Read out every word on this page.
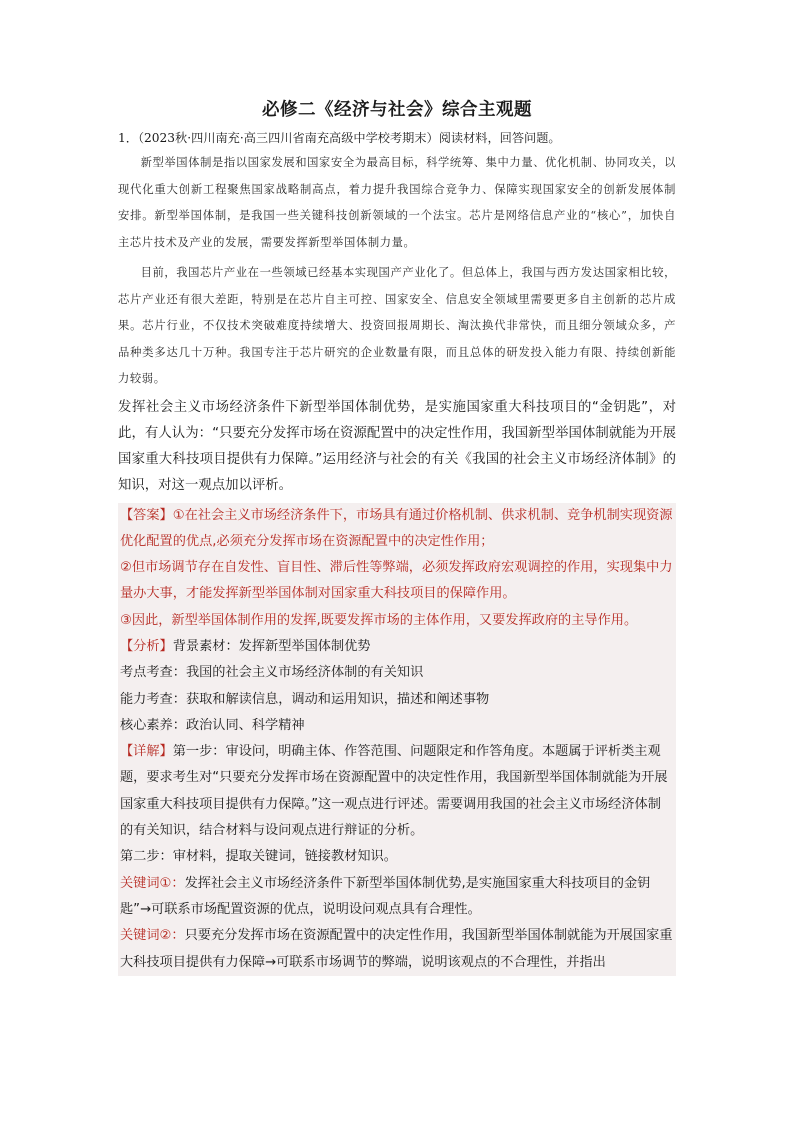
必修二《经济与社会》综合主观题

1．（2023秋·四川南充·高三四川省南充高级中学校考期末）阅读材料，回答问题。

新型举国体制是指以国家发展和国家安全为最高目标，科学统筹、集中力量、优化机制、协同攻关，以现代化重大创新工程聚焦国家战略制高点，着力提升我国综合竞争力、保障实现国家安全的创新发展体制安排。新型举国体制，是我国一些关键科技创新领域的一个法宝。芯片是网络信息产业的“核心”，加快自主芯片技术及产业的发展，需要发挥新型举国体制力量。

目前，我国芯片产业在一些领域已经基本实现国产产业化了。但总体上，我国与西方发达国家相比较，芯片产业还有很大差距，特别是在芯片自主可控、国家安全、信息安全领域里需要更多自主创新的芯片成果。芯片行业，不仅技术突破难度持续增大、投资回报周期长、淘汰换代非常快，而且细分领域众多，产品种类多达几十万种。我国专注于芯片研究的企业数量有限，而且总体的研发投入能力有限、持续创新能力较弱。

发挥社会主义市场经济条件下新型举国体制优势，是实施国家重大科技项目的“金钥匙”，对此，有人认为：“只要充分发挥市场在资源配置中的决定性作用，我国新型举国体制就能为开展国家重大科技项目提供有力保障。”运用经济与社会的有关《我国的社会主义市场经济体制》的知识，对这一观点加以评析。

【答案】①在社会主义市场经济条件下，市场具有通过价格机制、供求机制、竞争机制实现资源优化配置的优点,必须充分发挥市场在资源配置中的决定性作用；
②但市场调节存在自发性、盲目性、滞后性等弊端，必须发挥政府宏观调控的作用，实现集中力量办大事，才能发挥新型举国体制对国家重大科技项目的保障作用。
③因此，新型举国体制作用的发挥,既要发挥市场的主体作用，又要发挥政府的主导作用。
【分析】背景素材：发挥新型举国体制优势
考点考查：我国的社会主义市场经济体制的有关知识
能力考查：获取和解读信息，调动和运用知识，描述和阐述事物
核心素养：政治认同、科学精神
【详解】第一步：审设问，明确主体、作答范围、问题限定和作答角度。本题属于评析类主观题，要求考生对“只要充分发挥市场在资源配置中的决定性作用，我国新型举国体制就能为开展国家重大科技项目提供有力保障。”这一观点进行评述。需要调用我国的社会主义市场经济体制的有关知识，结合材料与设问观点进行辩证的分析。
第二步：审材料，提取关键词，链接教材知识。
关键词①：发挥社会主义市场经济条件下新型举国体制优势,是实施国家重大科技项目的金钥匙”→可联系市场配置资源的优点，说明设问观点具有合理性。
关键词②：只要充分发挥市场在资源配置中的决定性作用，我国新型举国体制就能为开展国家重大科技项目提供有力保障→可联系市场调节的弊端，说明该观点的不合理性，并指出
